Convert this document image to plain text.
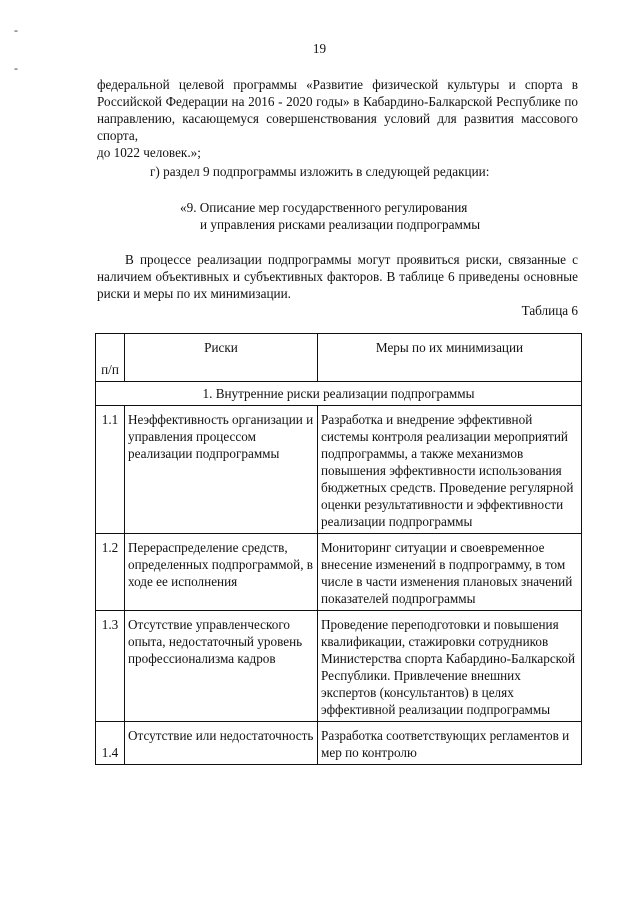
-
-
19
федеральной целевой программы «Развитие физической культуры и спорта в Российской Федерации на 2016 - 2020 годы» в Кабардино-Балкарской Республике по направлению, касающемуся совершенствования условий для развития массового спорта,
до 1022 человек.»;
г) раздел 9 подпрограммы изложить в следующей редакции:
«9. Описание мер государственного регулирования
и управления рисками реализации подпрограммы
В процессе реализации подпрограммы могут проявиться риски, связанные с наличием объективных и субъективных факторов. В таблице 6 приведены основные риски и меры по их минимизации.
Таблица 6
п/п	Риски	Меры по их минимизации
1. Внутренние риски реализации подпрограммы		
1.1	Неэффективность организации и управления процессом реализации подпрограммы	Разработка и внедрение эффективной системы контроля реализации мероприятий подпрограммы, а также механизмов повышения эффективности использования бюджетных средств. Проведение регулярной оценки результативности и эффективности реализации подпрограммы
1.2	Перераспределение средств, определенных подпрограммой, в ходе ее исполнения	Мониторинг ситуации и своевременное внесение изменений в подпрограмму, в том числе в части изменения плановых значений показателей подпрограммы
1.3	Отсутствие управленческого опыта, недостаточный уровень профессионализма кадров	Проведение переподготовки и повышения квалификации, стажировки сотрудников Министерства спорта Кабардино-Балкарской Республики. Привлечение внешних экспертов (консультантов) в целях эффективной реализации подпрограммы
1.4	Отсутствие или недостаточность	Разработка соответствующих регламентов и мер по контролю
